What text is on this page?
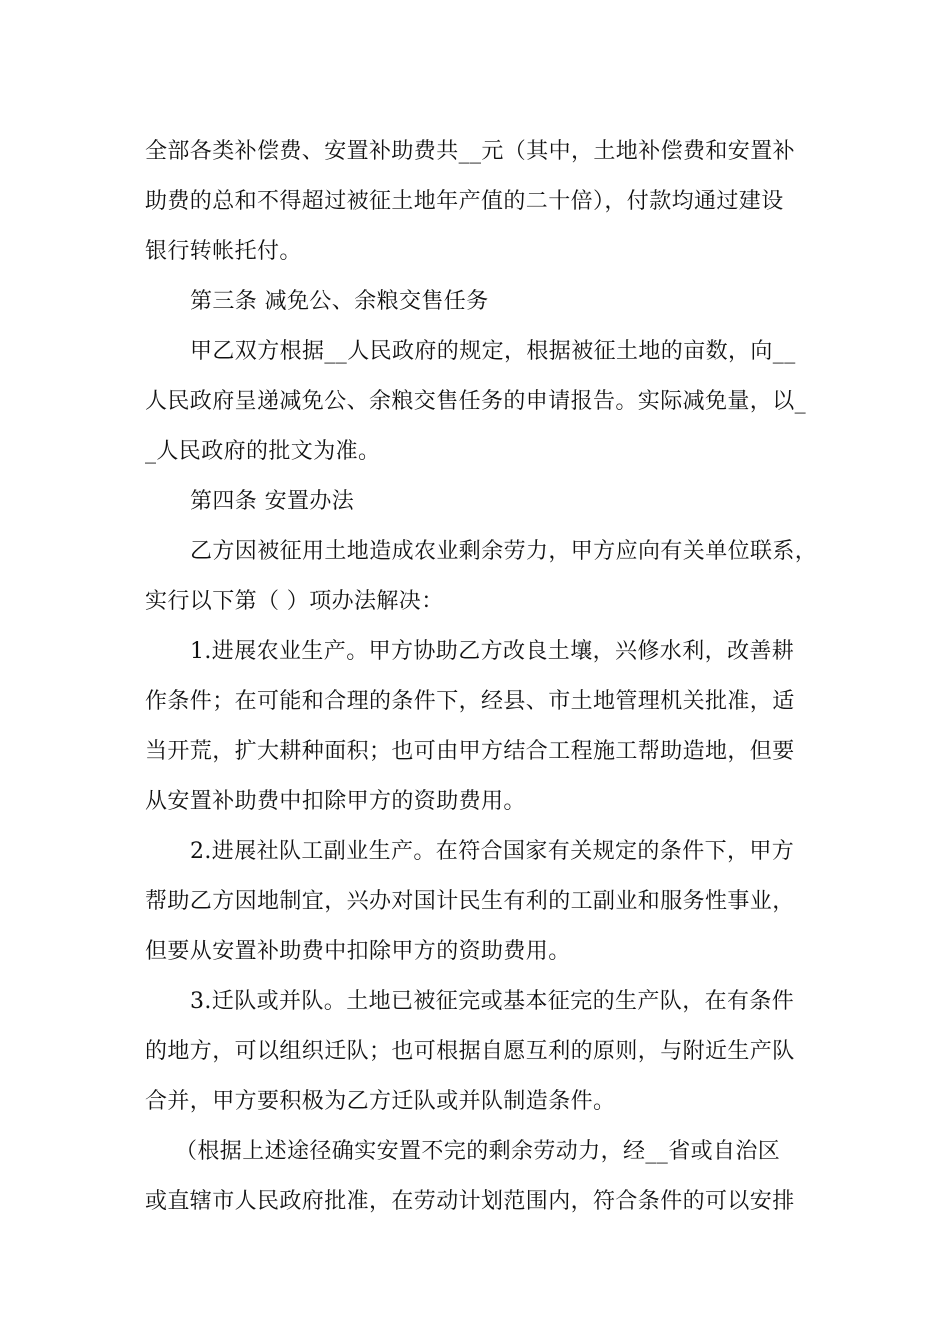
全部各类补偿费、安置补助费共__元（其中，土地补偿费和安置补
助费的总和不得超过被征土地年产值的二十倍），付款均通过建设
银行转帐托付。
第三条 减免公、余粮交售任务
甲乙双方根据__人民政府的规定，根据被征土地的亩数，向__
人民政府呈递减免公、余粮交售任务的申请报告。实际减免量，以_
_人民政府的批文为准。
第四条 安置办法
乙方因被征用土地造成农业剩余劳力，甲方应向有关单位联系，
实行以下第（ ）项办法解决：
1.进展农业生产。甲方协助乙方改良土壤，兴修水利，改善耕
作条件；在可能和合理的条件下，经县、市土地管理机关批准，适
当开荒，扩大耕种面积；也可由甲方结合工程施工帮助造地，但要
从安置补助费中扣除甲方的资助费用。
2.进展社队工副业生产。在符合国家有关规定的条件下，甲方
帮助乙方因地制宜，兴办对国计民生有利的工副业和服务性事业，
但要从安置补助费中扣除甲方的资助费用。
3.迁队或并队。土地已被征完或基本征完的生产队，在有条件
的地方，可以组织迁队；也可根据自愿互利的原则，与附近生产队
合并，甲方要积极为乙方迁队或并队制造条件。
（根据上述途径确实安置不完的剩余劳动力，经__省或自治区
或直辖市人民政府批准，在劳动计划范围内，符合条件的可以安排
